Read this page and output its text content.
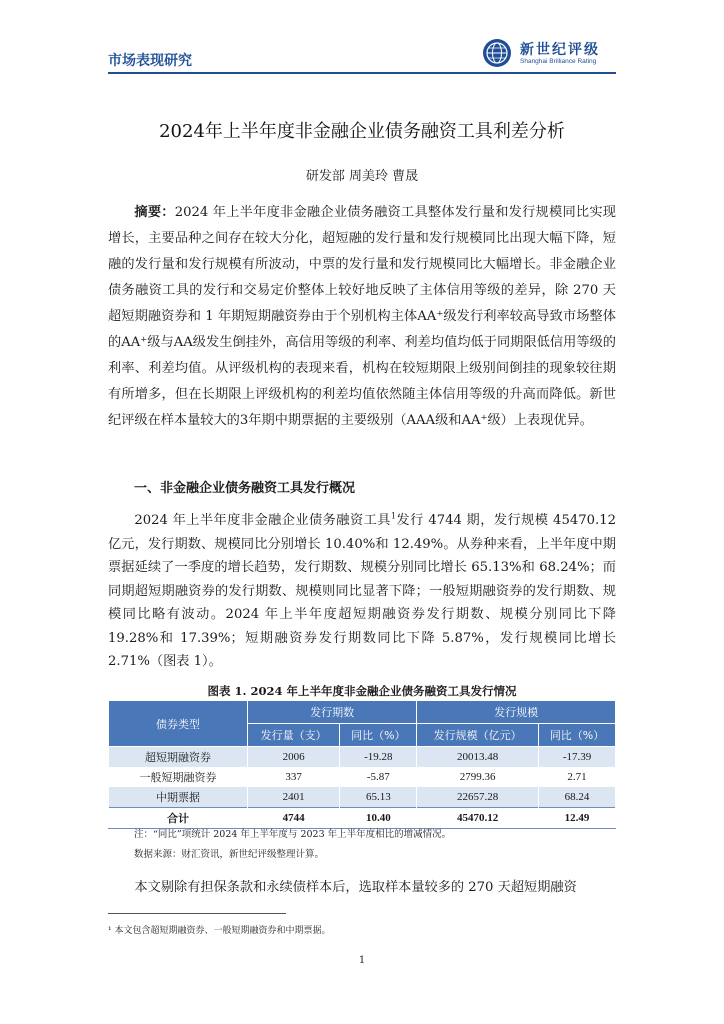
市场表现研究
新世纪评级
Shanghai Brilliance Rating
2024年上半年度非金融企业债务融资工具利差分析
研发部 周美玲 曹晟

摘要：2024 年上半年度非金融企业债务融资工具整体发行量和发行规模同比实现增长，主要品种之间存在较大分化，超短融的发行量和发行规模同比出现大幅下降，短融的发行量和发行规模有所波动，中票的发行量和发行规模同比大幅增长。非金融企业债务融资工具的发行和交易定价整体上较好地反映了主体信用等级的差异，除 270 天超短期融资券和 1 年期短期融资券由于个别机构主体AA⁺级发行利率较高导致市场整体的AA⁺级与AA级发生倒挂外，高信用等级的利率、利差均值均低于同期限低信用等级的利率、利差均值。从评级机构的表现来看，机构在较短期限上级别间倒挂的现象较往期有所增多，但在长期限上评级机构的利差均值依然随主体信用等级的升高而降低。新世纪评级在样本量较大的3年期中期票据的主要级别（AAA级和AA⁺级）上表现优异。

一、非金融企业债务融资工具发行概况

2024 年上半年度非金融企业债务融资工具$^1$发行 4744 期，发行规模 45470.12 亿元，发行期数、规模同比分别增长 10.40%和 12.49%。从券种来看，上半年度中期票据延续了一季度的增长趋势，发行期数、规模分别同比增长 65.13%和 68.24%；而同期超短期融资券的发行期数、规模则同比显著下降；一般短期融资券的发行期数、规模同比略有波动。2024 年上半年度超短期融资券发行期数、规模分别同比下降 19.28%和 17.39%；短期融资券发行期数同比下降 5.87%，发行规模同比增长 2.71%（图表 1）。

图表 1. 2024 年上半年度非金融企业债务融资工具发行情况
债券类型	发行期数		发行规模	
	发行量（支）	同比（%）	发行规模（亿元）	同比（%）
超短期融资券	2006	-19.28	20013.48	-17.39
一般短期融资券	337	-5.87	2799.36	2.71
中期票据	2401	65.13	22657.28	68.24
合计	4744	10.40	45470.12	12.49
注：“同比”项统计 2024 年上半年度与 2023 年上半年度相比的增减情况。
数据来源：财汇资讯，新世纪评级整理计算。

本文剔除有担保条款和永续债样本后，选取样本量较多的 270 天超短期融资

¹ 本文包含超短期融资券、一般短期融资券和中期票据。
1
